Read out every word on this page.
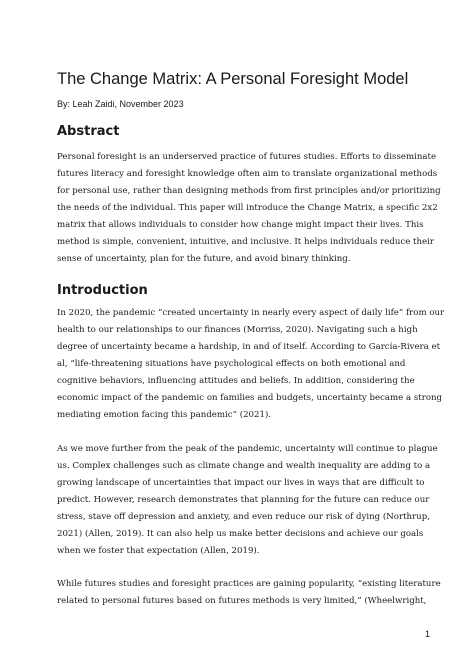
The Change Matrix: A Personal Foresight Model

By: Leah Zaidi, November 2023

Abstract

Personal foresight is an underserved practice of futures studies. Efforts to disseminate
futures literacy and foresight knowledge often aim to translate organizational methods
for personal use, rather than designing methods from first principles and/or prioritizing
the needs of the individual. This paper will introduce the Change Matrix, a specific 2x2
matrix that allows individuals to consider how change might impact their lives. This
method is simple, convenient, intuitive, and inclusive. It helps individuals reduce their
sense of uncertainty, plan for the future, and avoid binary thinking.

Introduction

In 2020, the pandemic “created uncertainty in nearly every aspect of daily life” from our
health to our relationships to our finances (Morriss, 2020). Navigating such a high
degree of uncertainty became a hardship, in and of itself. According to García-Rivera et
al, “life-threatening situations have psychological effects on both emotional and
cognitive behaviors, influencing attitudes and beliefs. In addition, considering the
economic impact of the pandemic on families and budgets, uncertainty became a strong
mediating emotion facing this pandemic” (2021).

As we move further from the peak of the pandemic, uncertainty will continue to plague
us. Complex challenges such as climate change and wealth inequality are adding to a
growing landscape of uncertainties that impact our lives in ways that are difficult to
predict. However, research demonstrates that planning for the future can reduce our
stress, stave off depression and anxiety, and even reduce our risk of dying (Northrup,
2021) (Allen, 2019). It can also help us make better decisions and achieve our goals
when we foster that expectation (Allen, 2019).

While futures studies and foresight practices are gaining popularity, “existing literature
related to personal futures based on futures methods is very limited,” (Wheelwright,

1
